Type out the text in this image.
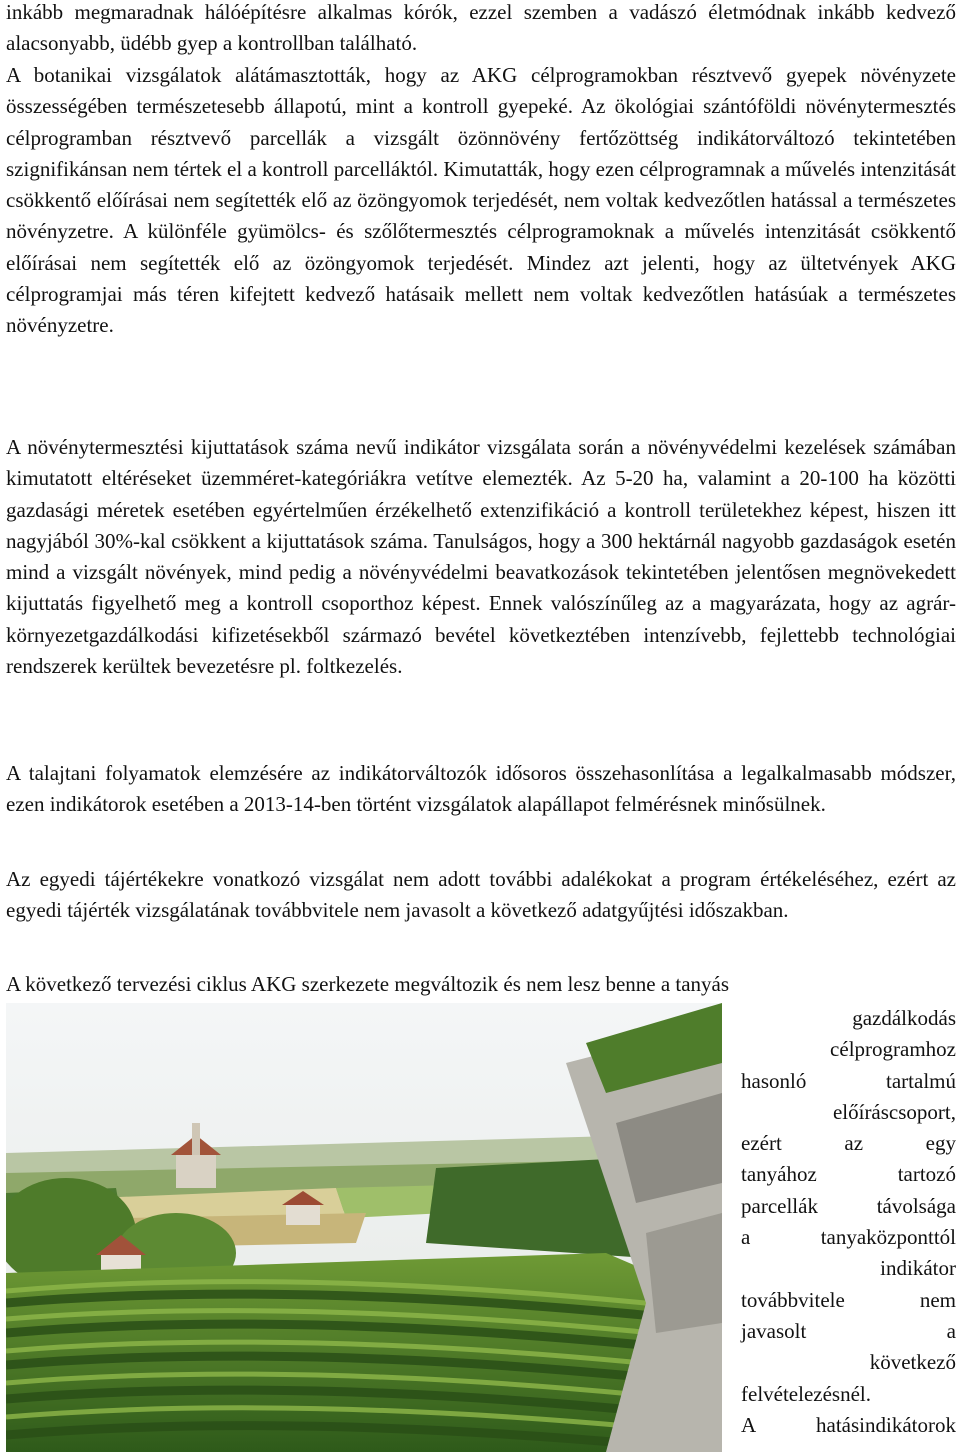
inkább megmaradnak hálóépítésre alkalmas kórók, ezzel szemben a vadászó életmódnak inkább kedvező alacsonyabb, üdébb gyep a kontrollban található.

A botanikai vizsgálatok alátámasztották, hogy az AKG célprogramokban résztvevő gyepek növényzete összességében természetesebb állapotú, mint a kontroll gyepeké. Az ökológiai szántóföldi növénytermesztés célprogramban résztvevő parcellák a vizsgált özönnövény fertőzöttség indikátorváltozó tekintetében szignifikánsan nem tértek el a kontroll parcelláktól. Kimutatták, hogy ezen célprogramnak a művelés intenzitását csökkentő előírásai nem segítették elő az özöngyomok terjedését, nem voltak kedvezőtlen hatással a természetes növényzetre. A különféle gyümölcs- és szőlőtermesztés célprogramoknak a művelés intenzitását csökkentő előírásai nem segítették elő az özöngyomok terjedését. Mindez azt jelenti, hogy az ültetvények AKG célprogramjai más téren kifejtett kedvező hatásaik mellett nem voltak kedvezőtlen hatásúak a természetes növényzetre.

A növénytermesztési kijuttatások száma nevű indikátor vizsgálata során a növényvédelmi kezelések számában kimutatott eltéréseket üzemméret-kategóriákra vetítve elemezték. Az 5-20 ha, valamint a 20-100 ha közötti gazdasági méretek esetében egyértelműen érzékelhető extenzifikáció a kontroll területekhez képest, hiszen itt nagyjából 30%-kal csökkent a kijuttatások száma. Tanulságos, hogy a 300 hektárnál nagyobb gazdaságok esetén mind a vizsgált növények, mind pedig a növényvédelmi beavatkozások tekintetében jelentősen megnövekedett kijuttatás figyelhető meg a kontroll csoporthoz képest. Ennek valószínűleg az a magyarázata, hogy az agrár-környezetgazdálkodási kifizetésekből származó bevétel következtében intenzívebb, fejlettebb technológiai rendszerek kerültek bevezetésre pl. foltkezelés.

A talajtani folyamatok elemzésére az indikátorváltozók idősoros összehasonlítása a legalkalmasabb módszer, ezen indikátorok esetében a 2013-14-ben történt vizsgálatok alapállapot felmérésnek minősülnek.

Az egyedi tájértékekre vonatkozó vizsgálat nem adott további adalékokat a program értékeléséhez, ezért az egyedi tájérték vizsgálatának továbbvitele nem javasolt a következő adatgyűjtési időszakban.

A következő tervezési ciklus AKG szerkezete megváltozik és nem lesz benne a tanyás

gazdálkodás
célprogramhoz
hasonló tartalmú
előíráscsoport,
ezért az egy
tanyához tartozó
parcellák távolsága
a tanyaközponttól
indikátor
továbbvitele nem
javasolt a
következő
felvételezésnél.
A hatásindikátorok
